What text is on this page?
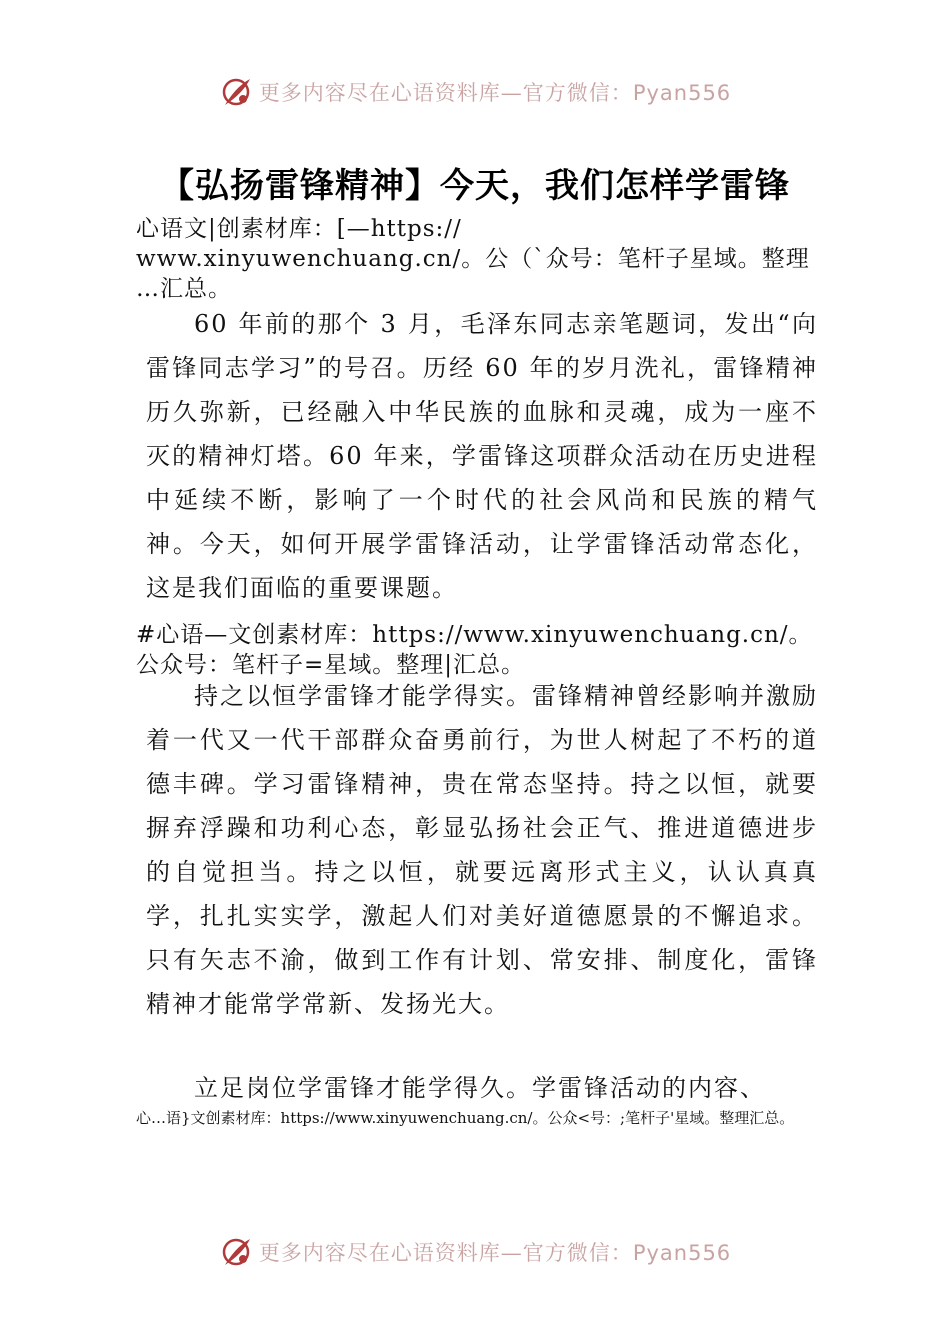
更多内容尽在心语资料库—官方微信：Pyan556
【弘扬雷锋精神】今天，我们怎样学雷锋

心语文|创素材库：[—https://
www.xinyuwenchuang.cn/。公（`众号：笔杆子星域。整理
…汇总。

60 年前的那个 3 月，毛泽东同志亲笔题词，发出“向雷锋同志学习”的号召。历经 60 年的岁月洗礼，雷锋精神历久弥新，已经融入中华民族的血脉和灵魂，成为一座不灭的精神灯塔。60 年来，学雷锋这项群众活动在历史进程中延续不断，影响了一个时代的社会风尚和民族的精气神。今天，如何开展学雷锋活动，让学雷锋活动常态化，这是我们面临的重要课题。

#心语—文创素材库：https://www.xinyuwenchuang.cn/。
公众号：笔杆子=星域。整理|汇总。

持之以恒学雷锋才能学得实。雷锋精神曾经影响并激励着一代又一代干部群众奋勇前行，为世人树起了不朽的道德丰碑。学习雷锋精神，贵在常态坚持。持之以恒，就要摒弃浮躁和功利心态，彰显弘扬社会正气、推进道德进步的自觉担当。持之以恒，就要远离形式主义，认认真真学，扎扎实实学，激起人们对美好道德愿景的不懈追求。只有矢志不渝，做到工作有计划、常安排、制度化，雷锋精神才能常学常新、发扬光大。

立足岗位学雷锋才能学得久。学雷锋活动的内容、

心…语}文创素材库：https://www.xinyuwenchuang.cn/。公众<号：;笔杆子'星域。整理汇总。

更多内容尽在心语资料库—官方微信：Pyan556
